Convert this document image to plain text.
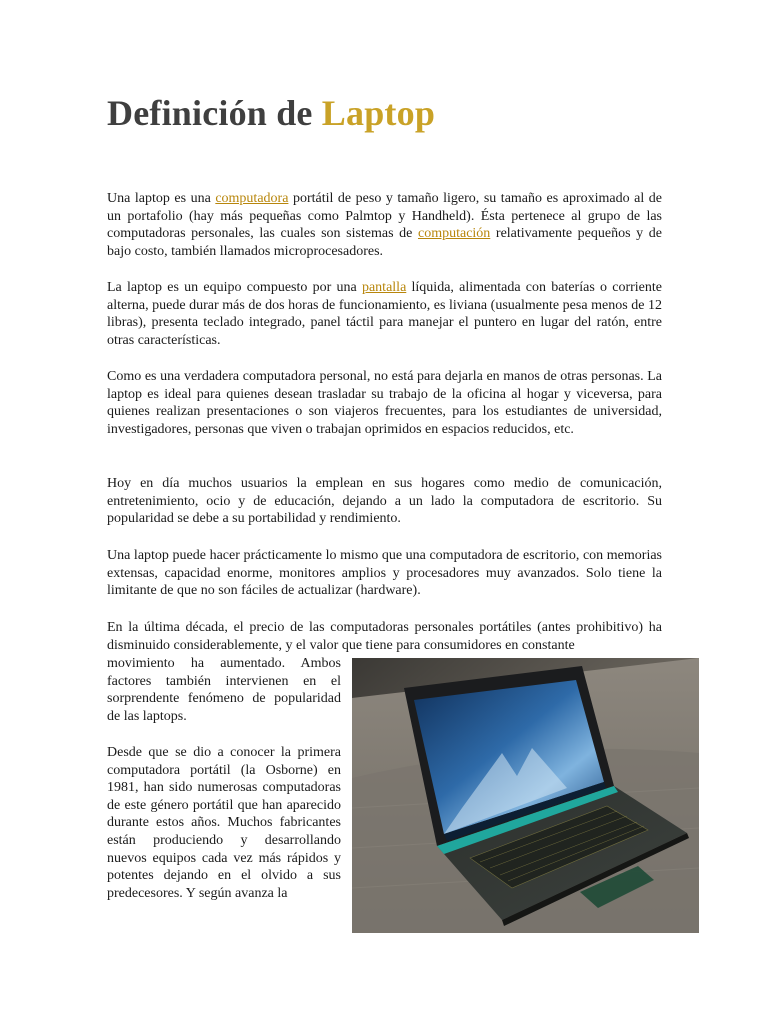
Definición de Laptop

Una laptop es una computadora portátil de peso y tamaño ligero, su tamaño es aproximado al de un portafolio (hay más pequeñas como Palmtop y Handheld). Ésta pertenece al grupo de las computadoras personales, las cuales son sistemas de computación relativamente pequeños y de bajo costo, también llamados microprocesadores.

La laptop es un equipo compuesto por una pantalla líquida, alimentada con baterías o corriente alterna, puede durar más de dos horas de funcionamiento, es liviana (usualmente pesa menos de 12 libras), presenta teclado integrado, panel táctil para manejar el puntero en lugar del ratón, entre otras características.

Como es una verdadera computadora personal, no está para dejarla en manos de otras personas. La laptop es ideal para quienes desean trasladar su trabajo de la oficina al hogar y viceversa, para quienes realizan presentaciones o son viajeros frecuentes, para los estudiantes de universidad, investigadores, personas que viven o trabajan oprimidos en espacios reducidos, etc.

Hoy en día muchos usuarios la emplean en sus hogares como medio de comunicación, entretenimiento, ocio y de educación, dejando a un lado la computadora de escritorio. Su popularidad se debe a su portabilidad y rendimiento.

Una laptop puede hacer prácticamente lo mismo que una computadora de escritorio, con memorias extensas, capacidad enorme, monitores amplios y procesadores muy avanzados. Solo tiene la limitante de que no son fáciles de actualizar (hardware).

En la última década, el precio de las computadoras personales portátiles (antes prohibitivo) ha disminuido considerablemente, y el valor que tiene para consumidores en constante

movimiento ha aumentado. Ambos factores también intervienen en el sorprendente fenómeno de popularidad de las laptops.

Desde que se dio a conocer la primera computadora portátil (la Osborne) en 1981, han sido numerosas computadoras de este género portátil que han aparecido durante estos años. Muchos fabricantes están produciendo y desarrollando nuevos equipos cada vez más rápidos y potentes dejando en el olvido a sus predecesores. Y según avanza la
